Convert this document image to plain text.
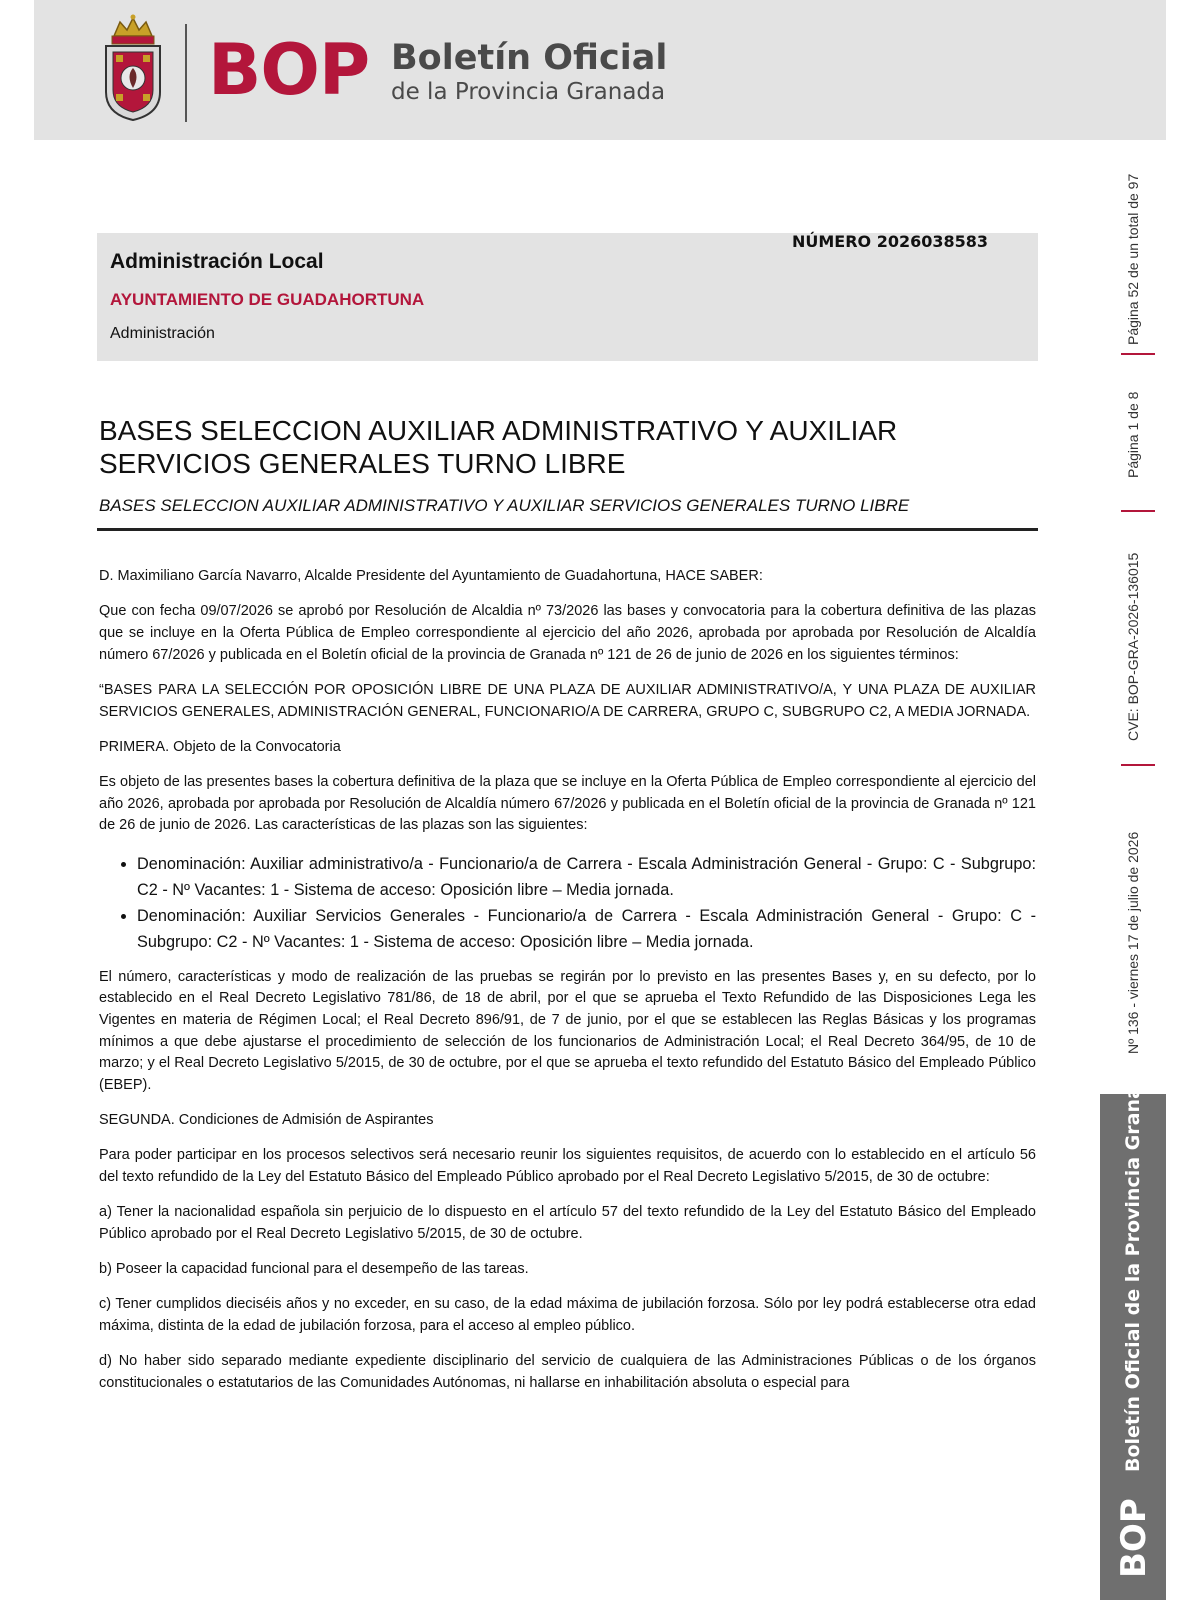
BOP Boletín Oficial
de la Provincia Granada
Página 52 de un total de 97
Página 1 de 8
CVE: BOP-GRA-2026-136015
Nº 136 - viernes 17 de julio de 2026
Boletín Oficial de la Provincia Granada
BOP
NÚMERO 2026038583
Administración Local
AYUNTAMIENTO DE GUADAHORTUNA
Administración
BASES SELECCION AUXILIAR ADMINISTRATIVO Y AUXILIAR SERVICIOS GENERALES TURNO LIBRE
BASES SELECCION AUXILIAR ADMINISTRATIVO Y AUXILIAR SERVICIOS GENERALES TURNO LIBRE

D. Maximiliano García Navarro, Alcalde Presidente del Ayuntamiento de Guadahortuna, HACE SABER:

Que con fecha 09/07/2026 se aprobó por Resolución de Alcaldia nº 73/2026 las bases y convocatoria para la cobertura definitiva de las plazas que se incluye en la Oferta Pública de Empleo correspondiente al ejercicio del año 2026, aprobada por aprobada por Resolución de Alcaldía número 67/2026 y publicada en el Boletín oficial de la provincia de Granada nº 121 de 26 de junio de 2026 en los siguientes términos:

“BASES PARA LA SELECCIÓN POR OPOSICIÓN LIBRE DE UNA PLAZA DE AUXILIAR ADMINISTRATIVO/A, Y UNA PLAZA DE AUXILIAR SERVICIOS GENERALES, ADMINISTRACIÓN GENERAL, FUNCIONARIO/A DE CARRERA, GRUPO C, SUBGRUPO C2, A MEDIA JORNADA.

PRIMERA. Objeto de la Convocatoria

Es objeto de las presentes bases la cobertura definitiva de la plaza que se incluye en la Oferta Pública de Empleo correspondiente al ejercicio del año 2026, aprobada por aprobada por Resolución de Alcaldía número 67/2026 y publicada en el Boletín oficial de la provincia de Granada nº 121 de 26 de junio de 2026. Las características de las plazas son las siguientes:

• Denominación: Auxiliar administrativo/a - Funcionario/a de Carrera - Escala Administración General - Grupo: C - Subgrupo: C2 - Nº Vacantes: 1 - Sistema de acceso: Oposición libre – Media jornada.
• Denominación: Auxiliar Servicios Generales - Funcionario/a de Carrera - Escala Administración General - Grupo: C - Subgrupo: C2 - Nº Vacantes: 1 - Sistema de acceso: Oposición libre – Media jornada.

El número, características y modo de realización de las pruebas se regirán por lo previsto en las presentes Bases y, en su defecto, por lo establecido en el Real Decreto Legislativo 781/86, de 18 de abril, por el que se aprueba el Texto Refundido de las Disposiciones Lega les Vigentes en materia de Régimen Local; el Real Decreto 896/91, de 7 de junio, por el que se establecen las Reglas Básicas y los programas mínimos a que debe ajustarse el procedimiento de selección de los funcionarios de Administración Local; el Real Decreto 364/95, de 10 de marzo; y el Real Decreto Legislativo 5/2015, de 30 de octubre, por el que se aprueba el texto refundido del Estatuto Básico del Empleado Público (EBEP).

SEGUNDA. Condiciones de Admisión de Aspirantes

Para poder participar en los procesos selectivos será necesario reunir los siguientes requisitos, de acuerdo con lo establecido en el artículo 56 del texto refundido de la Ley del Estatuto Básico del Empleado Público aprobado por el Real Decreto Legislativo 5/2015, de 30 de octubre:

a) Tener la nacionalidad española sin perjuicio de lo dispuesto en el artículo 57 del texto refundido de la Ley del Estatuto Básico del Empleado Público aprobado por el Real Decreto Legislativo 5/2015, de 30 de octubre.

b) Poseer la capacidad funcional para el desempeño de las tareas.

c) Tener cumplidos dieciséis años y no exceder, en su caso, de la edad máxima de jubilación forzosa. Sólo por ley podrá establecerse otra edad máxima, distinta de la edad de jubilación forzosa, para el acceso al empleo público.

d) No haber sido separado mediante expediente disciplinario del servicio de cualquiera de las Administraciones Públicas o de los órganos constitucionales o estatutarios de las Comunidades Autónomas, ni hallarse en inhabilitación absoluta o especial para
